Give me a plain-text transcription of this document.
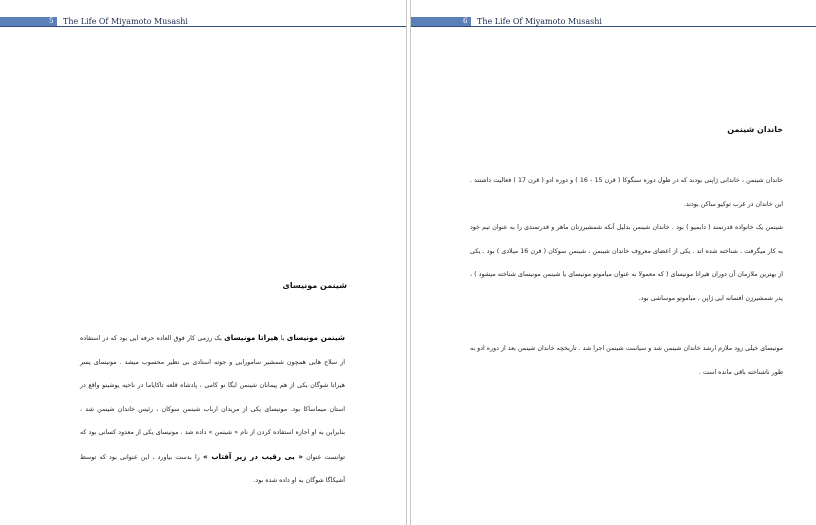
5 The Life Of Miyamoto Musashi
شینمن مونیسای
شینمن مونیسای یا هیراتا مونیسای یک رزمی کار فوق العاده حرفه ایی بود که در استفاده از سلاح هایی همچون شمشیر سامورایی و جوته استادی بی نظیر محسوب میشد . مونیسای پسر هیراتا شوگان یکی از هم پیمانان شینمن ایگا نو کامی ، پادشاه قلعه تاکایاما در ناحیه یوشینو واقع در استان میماساکا بود. مونیسای یکی از مریدان ارباب شینمن سوکان ، رئیس خاندان شینمن شد ، بنابراین به او اجازه استفاده کردن از نام « شینمن » داده شد . مونیسای یکی از معدود کسانی بود که توانست عنوان « بی رقیب در زیر آفتاب » را بدست بیاورد ، این عنوانی بود که توسط آشیکاگا شوگان به او داده شده بود.
6 The Life Of Miyamoto Musashi
خاندان شینمن
خاندان شینمن ، خاندانی ژاپنی بودند که در طول دوره سنگوکا ( قرن 15 - 16 ) و دوره ادو ( قرن 17 ) فعالیت داشتند . این خاندان در غرب توکیو ساکن بودند.
شینمن یک خانواده قدرتمند ( دایمیو ) بود . خاندان شینمن بدلیل آنکه شمشیرزنان ماهر و قدرتمندی را به عنوان تیم خود به کار میگرفت ، شناخته شده اند . یکی از اعضای معروف خاندان شینمن ، شینمن سوکان ( قرن 16 میلادی ) بود . یکی از بهترین ملازمان آن دوران هیراتا مونیسای ( که معمولا به عنوان میاموتو مونیسای یا شینمن مونیسای شناخته میشود ) ، پدر شمشیرزن افسانه ایی ژاپن ، میاموتو موساشی بود.
مونیسای خیلی زود ملازم ارشد خاندان شینمن شد و سیاست شینمن اجرا شد . تاریخچه خاندان شینمن بعد از دوره ادو به طور ناشناخته باقی مانده است .
